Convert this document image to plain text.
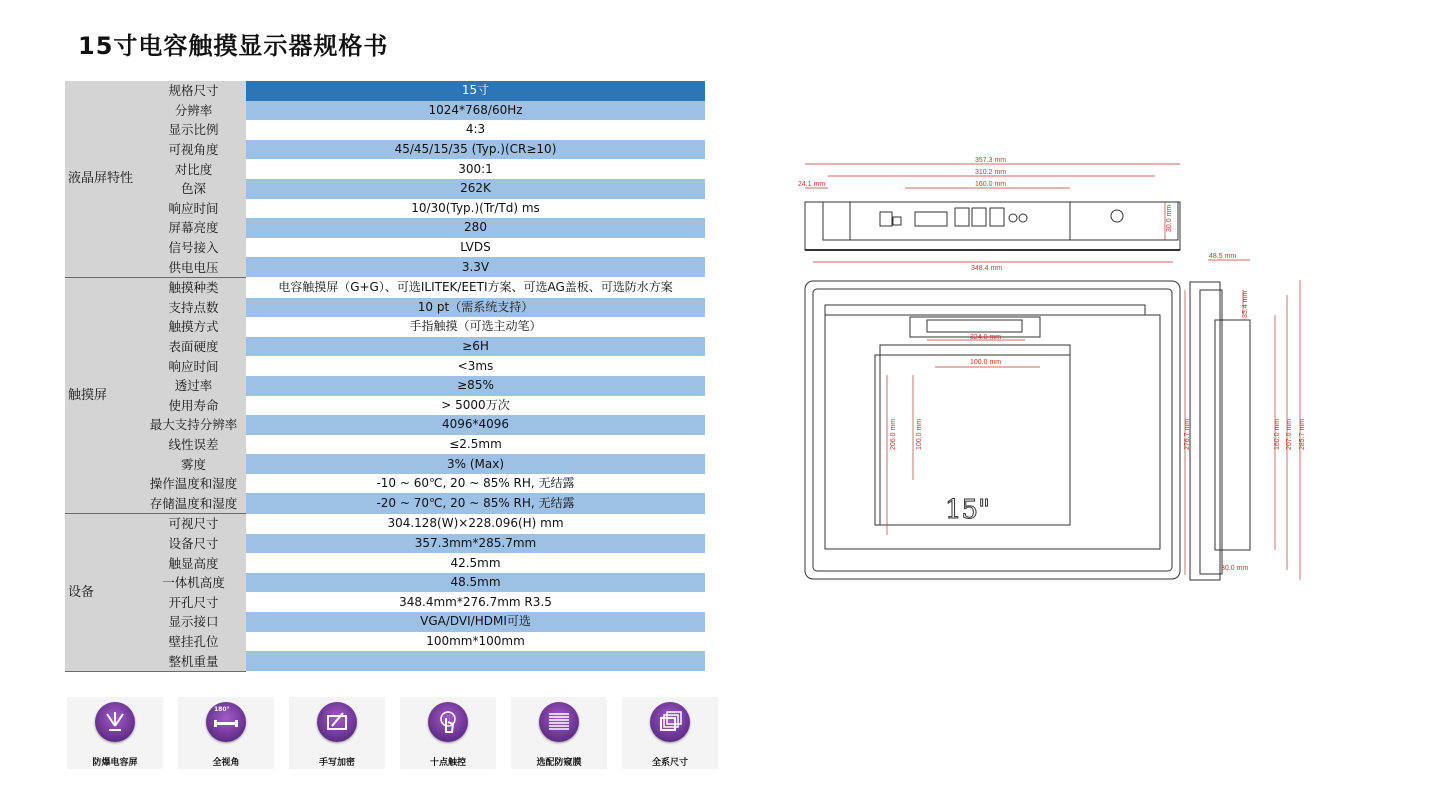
15寸电容触摸显示器规格书
液晶屏特性	规格尺寸	15寸
	分辨率	1024*768/60Hz
	显示比例	4:3
	可视角度	45/45/15/35 (Typ.)(CR≥10)
	对比度	300:1
	色深	262K
	响应时间	10/30(Typ.)(Tr/Td) ms
	屏幕亮度	280
	信号接入	LVDS
	供电电压	3.3V
触摸屏	触摸种类	电容触摸屏（G+G）、可选ILITEK/EETI方案、可选AG盖板、可选防水方案
	支持点数	10 pt（需系统支持）
	触摸方式	手指触摸（可选主动笔）
	表面硬度	≥6H
	响应时间	<3ms
	透过率	≥85%
	使用寿命	> 5000万次
	最大支持分辨率	4096*4096
	线性误差	≤2.5mm
	雾度	3% (Max)
	操作温度和湿度	-10 ~ 60℃, 20 ~ 85% RH, 无结露
	存储温度和湿度	-20 ~ 70℃, 20 ~ 85% RH, 无结露
设备	可视尺寸	304.128(W)×228.096(H) mm
	设备尺寸	357.3mm*285.7mm
	触显高度	42.5mm
	一体机高度	48.5mm
	开孔尺寸	348.4mm*276.7mm R3.5
	显示接口	VGA/DVI/HDMI可选
	壁挂孔位	100mm*100mm
	整机重量	
防爆电容屏
180°
全视角	手写加密	十点触控	选配防窥膜	全系尺寸
357.3 mm
310.2 mm
160.0 mm
24.1 mm
348.4 mm
324.0 mm
100.0 mm
48.5 mm
30.0 mm
30.0 mm
206.0 mm	100.0 mm	276.7 mm
35.4 mm
160.0 mm 207.0 mm 285.7 mm
15"
